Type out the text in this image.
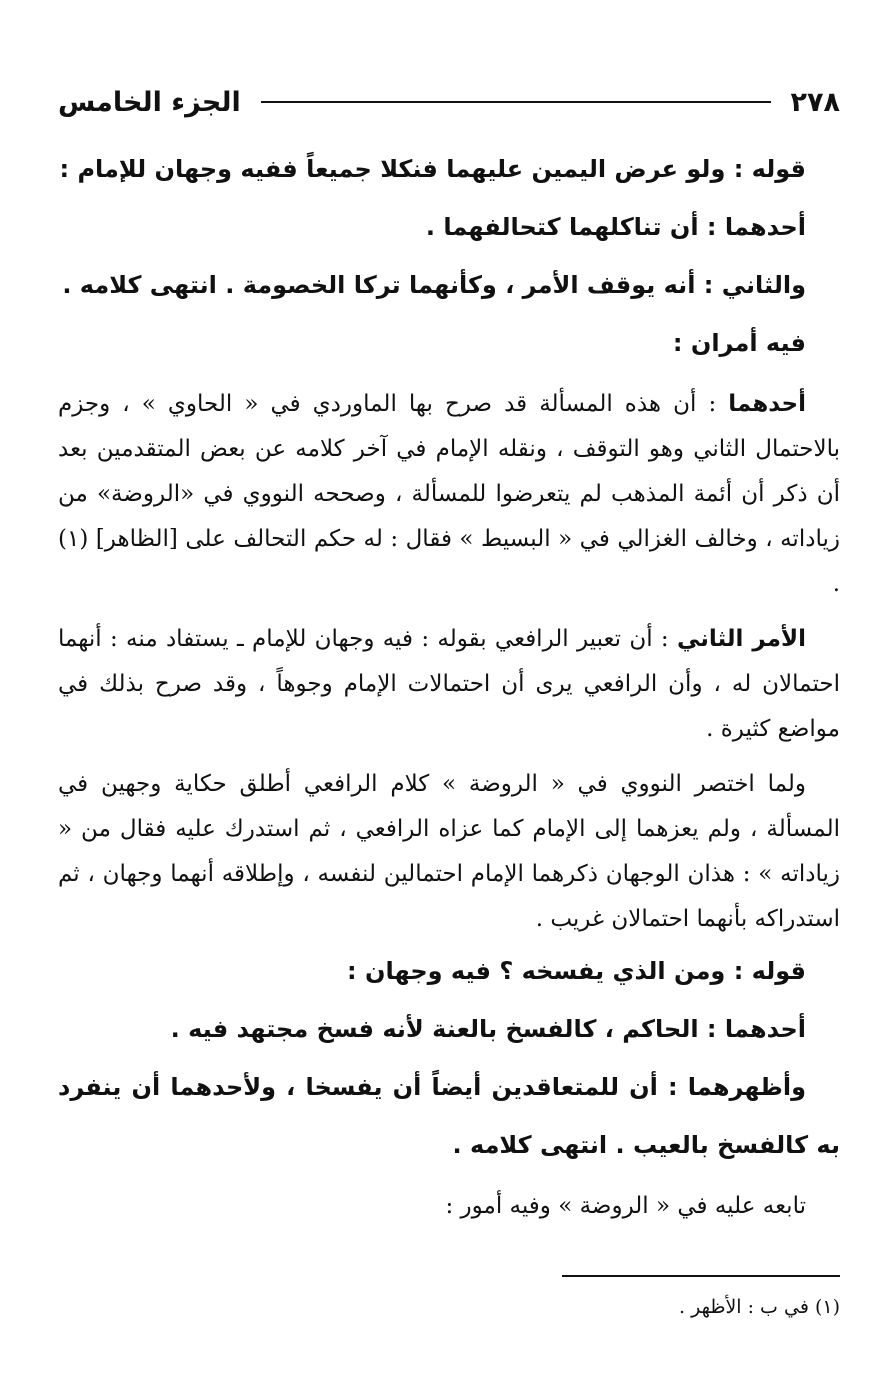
٢٧٨
الجزء الخامس

قوله : ولو عرض اليمين عليهما فنكلا جميعاً ففيه وجهان للإمام :

أحدهما : أن تناكلهما كتحالفهما .

والثاني : أنه يوقف الأمر ، وكأنهما تركا الخصومة . انتهى كلامه .

فيه أمران :

أحدهما : أن هذه المسألة قد صرح بها الماوردي في « الحاوي » ، وجزم بالاحتمال الثاني وهو التوقف ، ونقله الإمام في آخر كلامه عن بعض المتقدمين بعد أن ذكر أن أئمة المذهب لم يتعرضوا للمسألة ، وصححه النووي في «الروضة» من زياداته ، وخالف الغزالي في « البسيط » فقال : له حكم التحالف على [الظاهر] (١) .

الأمر الثاني : أن تعبير الرافعي بقوله : فيه وجهان للإمام ـ يستفاد منه : أنهما احتمالان له ، وأن الرافعي يرى أن احتمالات الإمام وجوهاً ، وقد صرح بذلك في مواضع كثيرة .

ولما اختصر النووي في « الروضة » كلام الرافعي أطلق حكاية وجهين في المسألة ، ولم يعزهما إلى الإمام كما عزاه الرافعي ، ثم استدرك عليه فقال من « زياداته » : هذان الوجهان ذكرهما الإمام احتمالين لنفسه ، وإطلاقه أنهما وجهان ، ثم استدراكه بأنهما احتمالان غريب .

قوله : ومن الذي يفسخه ؟ فيه وجهان :

أحدهما : الحاكم ، كالفسخ بالعنة لأنه فسخ مجتهد فيه .

وأظهرهما : أن للمتعاقدين أيضاً أن يفسخا ، ولأحدهما أن ينفرد به كالفسخ بالعيب . انتهى كلامه .

تابعه عليه في « الروضة » وفيه أمور :

(١) في ب : الأظهر .
